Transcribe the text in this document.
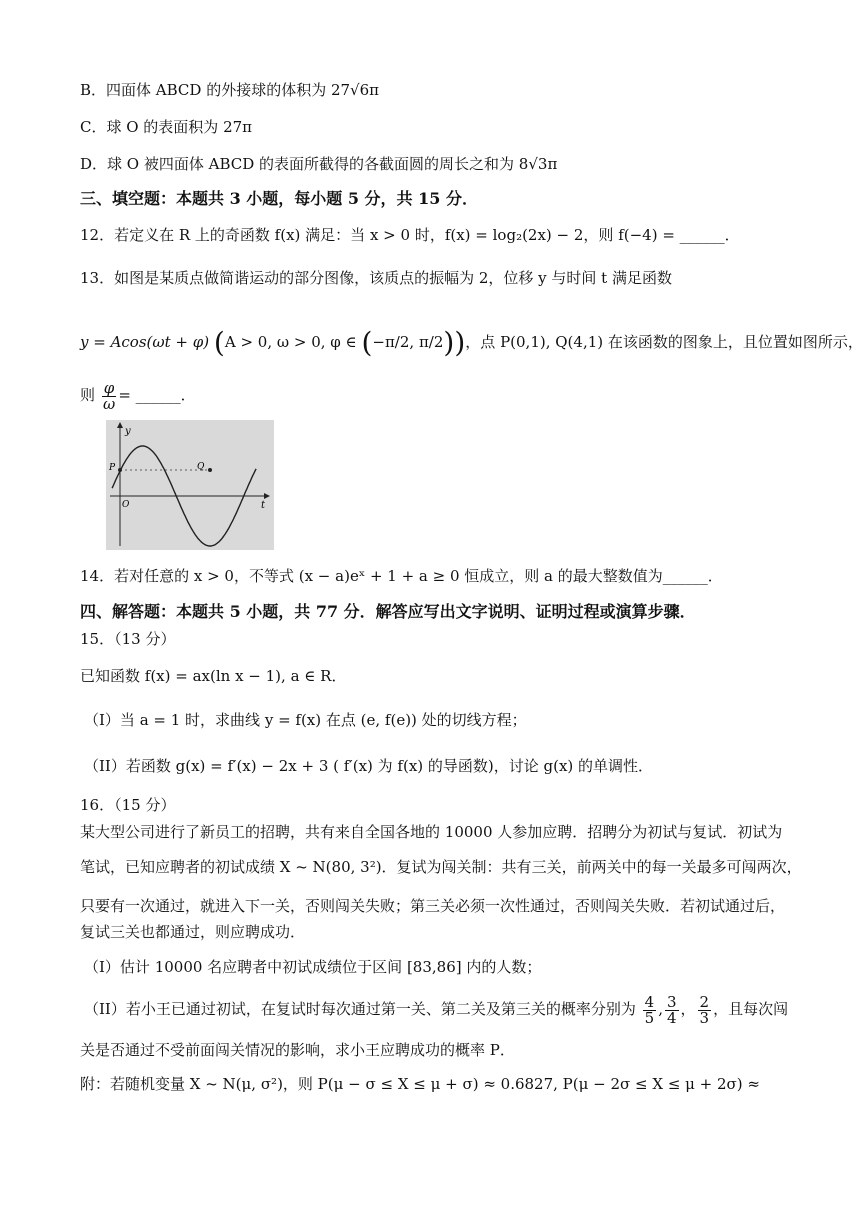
B．四面体 ABCD 的外接球的体积为 27√6π
C．球 O 的表面积为 27π
D．球 O 被四面体 ABCD 的表面所截得的各截面圆的周长之和为 8√3π
三、填空题：本题共 3 小题，每小题 5 分，共 15 分．
12．若定义在 R 上的奇函数 f(x) 满足：当 x > 0 时，f(x) = log₂(2x) − 2，则 f(−4) = ______．
13．如图是某质点做简谐运动的部分图像，该质点的振幅为 2，位移 y 与时间 t 满足函数
y = Acos(ωt + φ) (A > 0, ω > 0, φ ∈ (−π/2, π/2))，点 P(0,1), Q(4,1) 在该函数的图象上，且位置如图所示，
则 $\frac{\varphi}{\omega}$ = ______．
y
t
O
P	Q
14．若对任意的 x > 0，不等式 (x − a)eˣ + 1 + a ≥ 0 恒成立，则 a 的最大整数值为______．
四、解答题：本题共 5 小题，共 77 分．解答应写出文字说明、证明过程或演算步骤．
15．（13 分）
已知函数 f(x) = ax(ln x − 1), a ∈ R．
（I）当 a = 1 时，求曲线 y = f(x) 在点 (e, f(e)) 处的切线方程；
（II）若函数 g(x) = f′(x) − 2x + 3 ( f′(x) 为 f(x) 的导函数)，讨论 g(x) 的单调性．
16．（15 分）
某大型公司进行了新员工的招聘，共有来自全国各地的 10000 人参加应聘．招聘分为初试与复试．初试为
笔试，已知应聘者的初试成绩 X ~ N(80, 3²)．复试为闯关制：共有三关，前两关中的每一关最多可闯两次，
只要有一次通过，就进入下一关，否则闯关失败；第三关必须一次性通过，否则闯关失败．若初试通过后，
复试三关也都通过，则应聘成功．
（I）估计 10000 名应聘者中初试成绩位于区间 [83,86] 内的人数；
（II）若小王已通过初试，在复试时每次通过第一关、第二关及第三关的概率分别为 $\frac{4}{5}$ , $\frac{3}{4}$ ， $\frac{2}{3}$ ，且每次闯
关是否通过不受前面闯关情况的影响，求小王应聘成功的概率 P．
附：若随机变量 X ~ N(μ, σ²)，则 P(μ − σ ≤ X ≤ μ + σ) ≈ 0.6827, P(μ − 2σ ≤ X ≤ μ + 2σ) ≈
